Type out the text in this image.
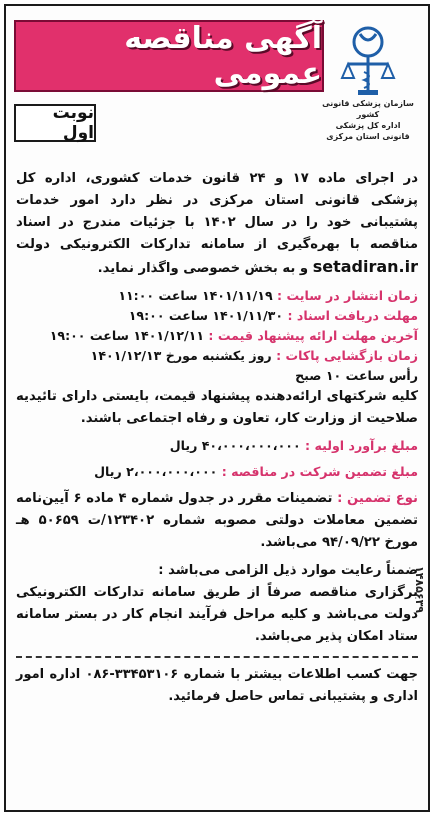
آگهی مناقصه عمومی
سازمان پزشکی قانونی کشور
اداره کل پزشکی قانونی استان مرکزی
نوبت اول

در اجرای ماده ۱۷ و ۲۴ قانون خدمات کشوری، اداره کل پزشکی قانونی استان مرکزی در نظر دارد امور خدمات پشتیبانی خود را در سال ۱۴۰۲ با جزئیات مندرج در اسناد مناقصه با بهره‌گیری از سامانه تدارکات الکترونیکی دولت setadiran.ir و به بخش خصوصی واگذار نماید.

زمان انتشار در سایت : ۱۴۰۱/۱۱/۱۹ ساعت ۱۱:۰۰

مهلت دریافت اسناد : ۱۴۰۱/۱۱/۳۰ ساعت ۱۹:۰۰

آخرین مهلت ارائه پیشنهاد قیمت : ۱۴۰۱/۱۲/۱۱ ساعت ۱۹:۰۰

زمان بازگشایی پاکات : روز یکشنبه مورخ ۱۴۰۱/۱۲/۱۳

رأس ساعت ۱۰ صبح

کلیه شرکتهای ارائه‌دهنده پیشنهاد قیمت، بایستی دارای تائیدیه صلاحیت از وزارت کار، تعاون و رفاه اجتماعی باشند.

مبلغ برآورد اولیه : ۴۰،۰۰۰،۰۰۰،۰۰۰ ریال

مبلغ تضمین شرکت در مناقصه : ۲،۰۰۰،۰۰۰،۰۰۰ ریال

نوع تضمین : تضمینات مقرر در جدول شماره ۴ ماده ۶ آیین‌نامه تضمین معاملات دولتی مصوبه شماره ۱۲۳۴۰۲/ت ۵۰۶۵۹ هـ مورخ ۹۴/۰۹/۲۲ می‌باشد.

ضمناً رعایت موارد ذیل الزامی می‌باشد :

برگزاری مناقصه صرفاً از طریق سامانه تدارکات الکترونیکی دولت می‌باشد و کلیه مراحل فرآیند انجام کار در بستر سامانه ستاد امکان پذیر می‌باشد.

جهت کسب اطلاعات بیشتر با شماره ۳۳۴۵۳۱۰۶-۰۸۶ اداره امور اداری و پشتیبانی تماس حاصل فرمائید.

۱۴۸۵۶۳۹
